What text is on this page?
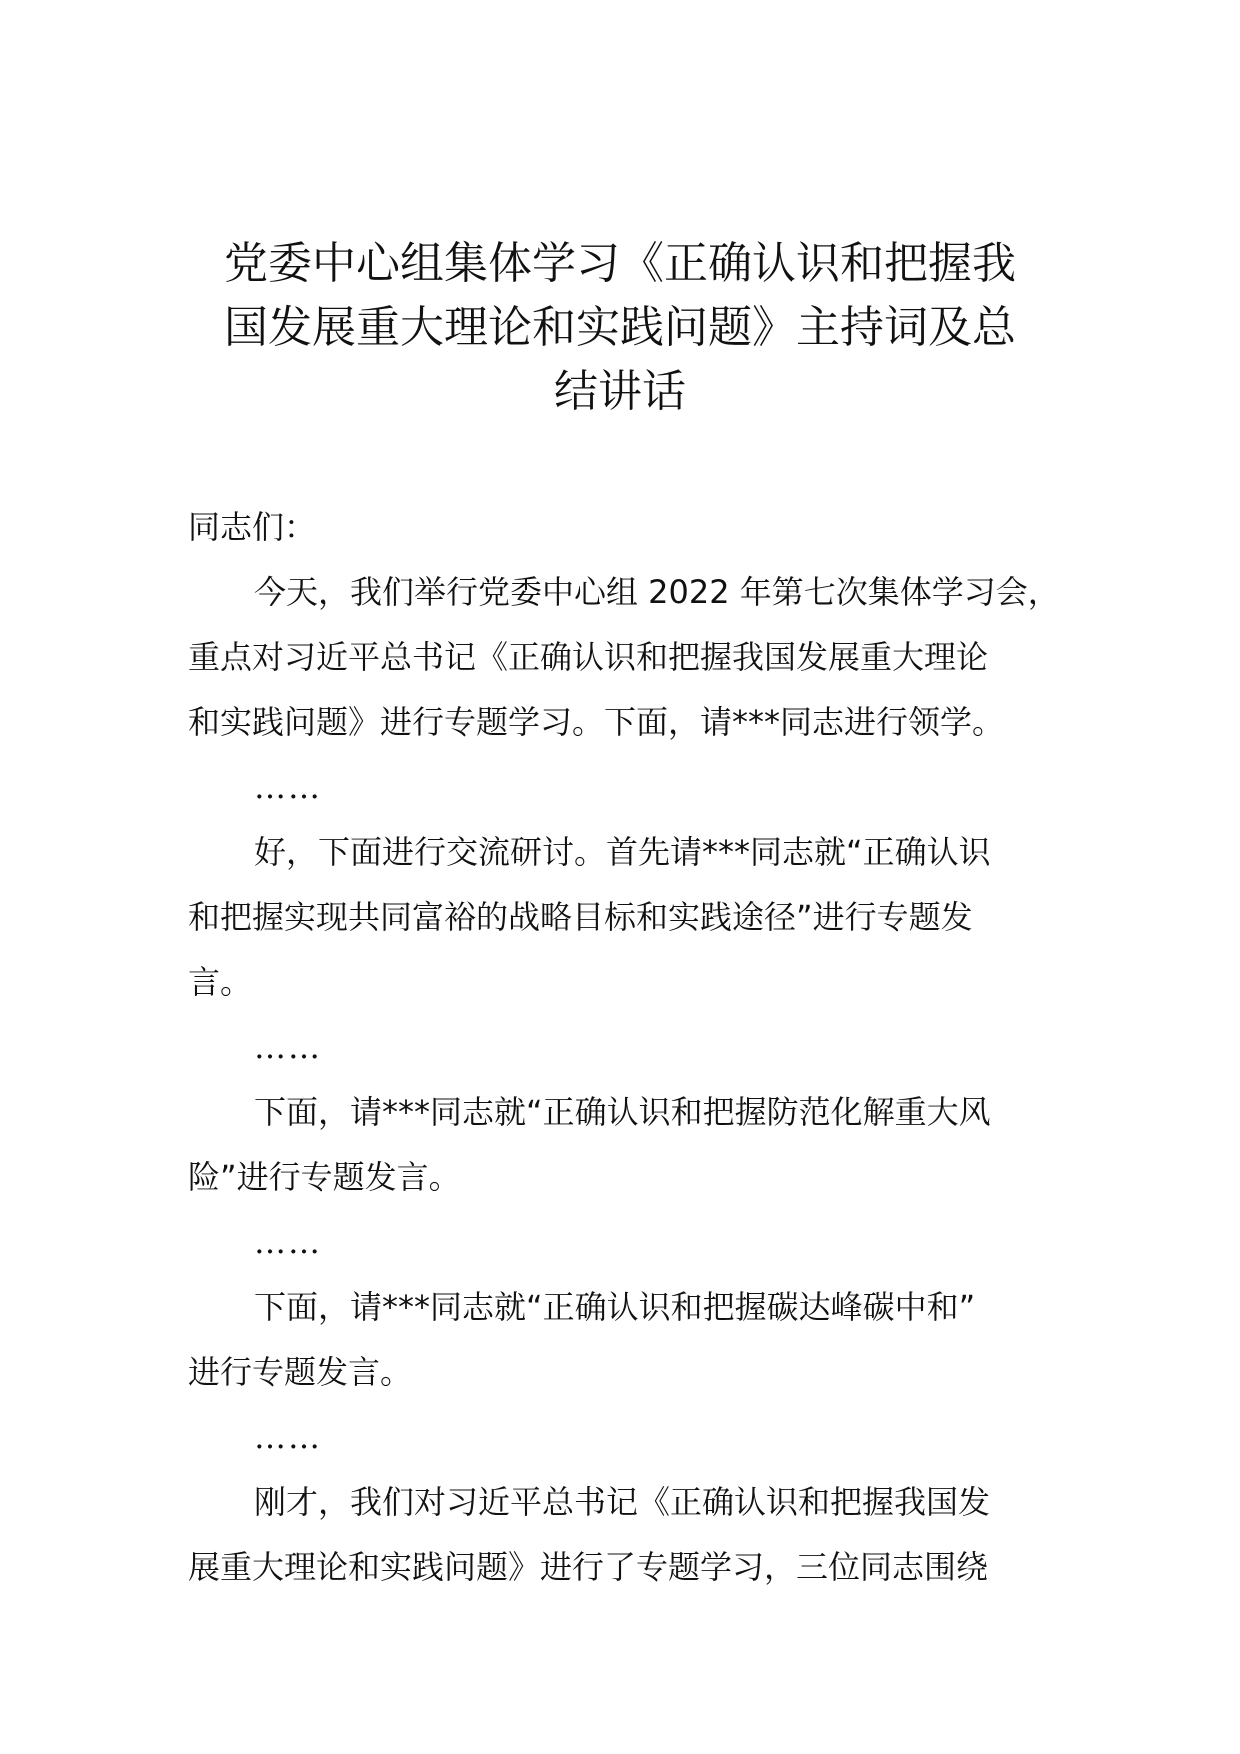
党委中心组集体学习《正确认识和把握我
国发展重大理论和实践问题》主持词及总
结讲话
同志们：
今天，我们举行党委中心组 2022 年第七次集体学习会，
重点对习近平总书记《正确认识和把握我国发展重大理论
和实践问题》进行专题学习。下面，请***同志进行领学。
……
好，下面进行交流研讨。首先请***同志就“正确认识
和把握实现共同富裕的战略目标和实践途径”进行专题发
言。
……
下面，请***同志就“正确认识和把握防范化解重大风
险”进行专题发言。
……
下面，请***同志就“正确认识和把握碳达峰碳中和”
进行专题发言。
……
刚才，我们对习近平总书记《正确认识和把握我国发
展重大理论和实践问题》进行了专题学习，三位同志围绕
